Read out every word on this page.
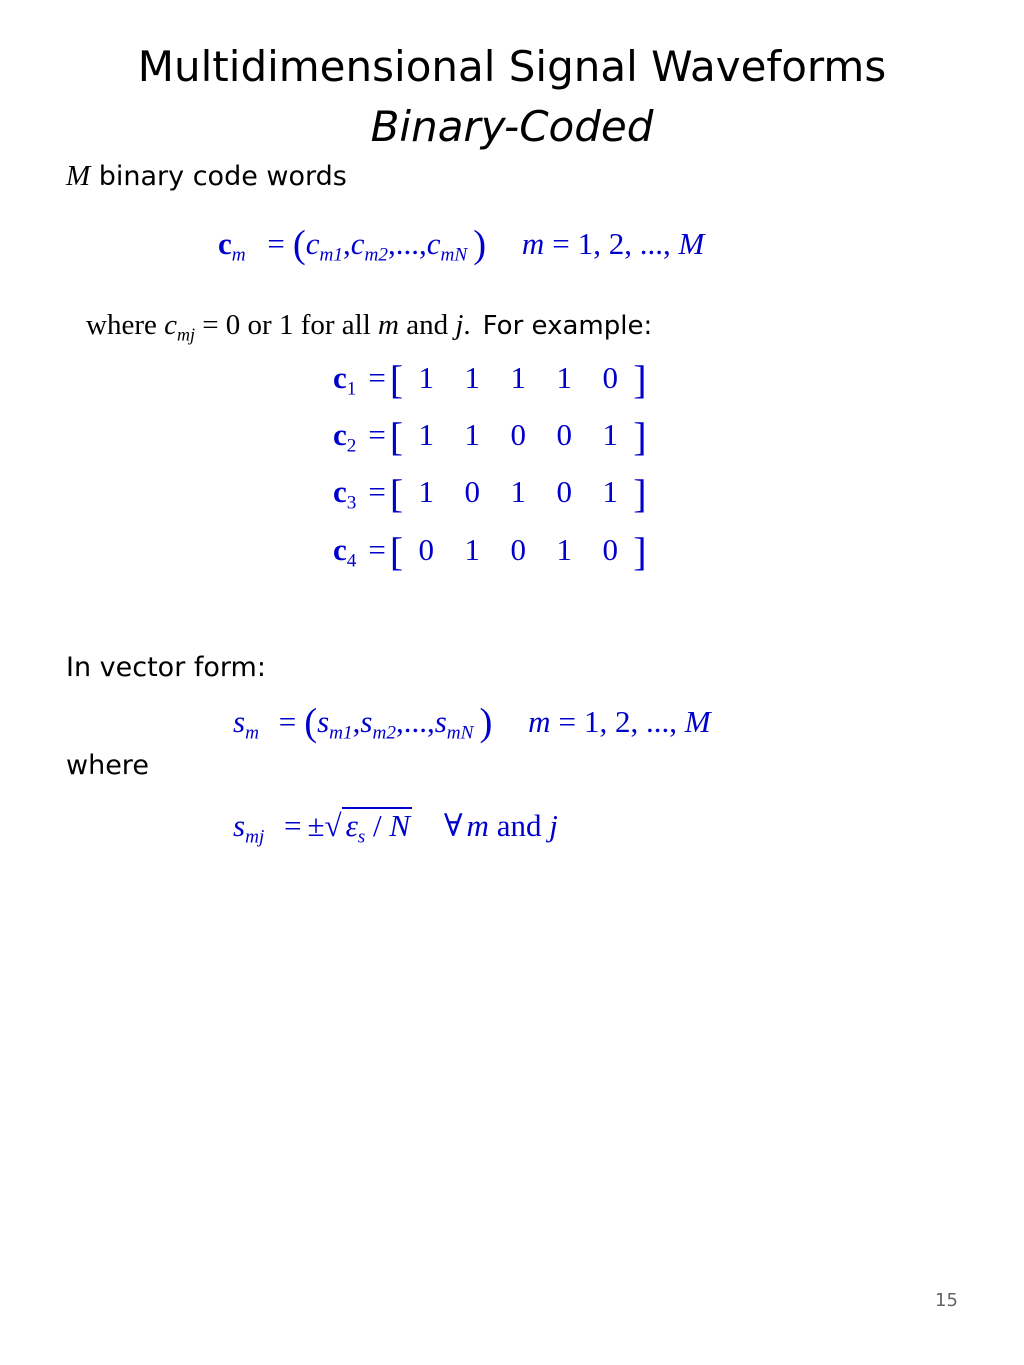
Multidimensional Signal Waveforms
Binary-Coded
M binary code words
$c_m = (c_{m1},c_{m2},...,c_{mN}$ ) m = 1, 2, ..., M
where $c_{mj} = 0$ or 1 for all m and j. For example:
$c_1$ = [ 1 1 1 1 0 ]
$c_2$ = [ 1 1 0 0 1 ]
$c_3$ = [ 1 0 1 0 1 ]
$c_4$ = [ 0 1 0 1 0 ]
In vector form:
$s_m = (s_{m1},s_{m2},...,s_{mN}$ ) m = 1, 2, ..., M
where
$s_{mj}$ = ±√ $\varepsilon_s$ / N ∀ m and j
15
